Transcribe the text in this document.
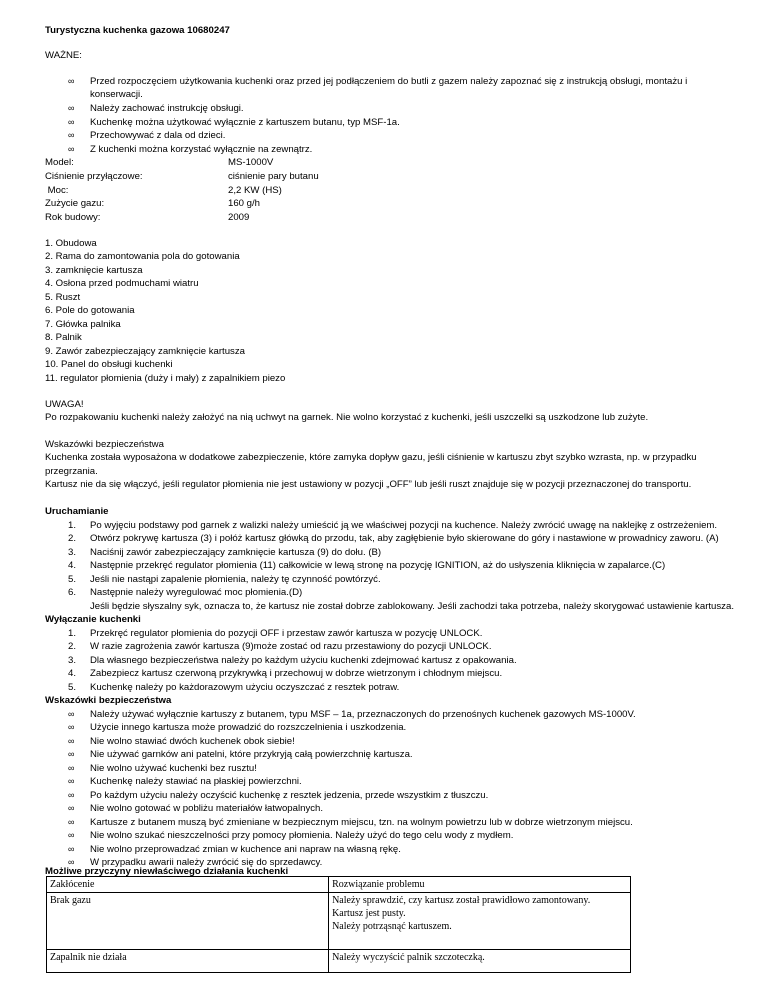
Turystyczna kuchenka gazowa 10680247
WAŻNE:
∞ Przed rozpoczęciem użytkowania kuchenki oraz przed jej podłączeniem do butli z gazem należy zapoznać się z instrukcją obsługi, montażu i
konserwacji.
∞ Należy zachować instrukcję obsługi.
∞ Kuchenkę można użytkować wyłącznie z kartuszem butanu, typ MSF-1a.
∞ Przechowywać z dala od dzieci.
∞ Z kuchenki można korzystać wyłącznie na zewnątrz.
Model:	MS-1000V
Ciśnienie przyłączowe:	ciśnienie pary butanu
Moc:	2,2 KW (HS)
Zużycie gazu:	160 g/h
Rok budowy:	2009
1. Obudowa
2. Rama do zamontowania pola do gotowania
3. zamknięcie kartusza
4. Osłona przed podmuchami wiatru
5. Ruszt
6. Pole do gotowania
7. Główka palnika
8. Palnik
9. Zawór zabezpieczający zamknięcie kartusza
10. Panel do obsługi kuchenki
11. regulator płomienia (duży i mały) z zapalnikiem piezo
UWAGA!
Po rozpakowaniu kuchenki należy założyć na nią uchwyt na garnek. Nie wolno korzystać z kuchenki, jeśli uszczelki są uszkodzone lub zużyte.
Wskazówki bezpieczeństwa
Kuchenka została wyposażona w dodatkowe zabezpieczenie, które zamyka dopływ gazu, jeśli ciśnienie w kartuszu zbyt szybko wzrasta, np. w przypadku
przegrzania.
Kartusz nie da się włączyć, jeśli regulator płomienia nie jest ustawiony w pozycji „OFF” lub jeśli ruszt znajduje się w pozycji przeznaczonej do transportu.
Uruchamianie
1. Po wyjęciu podstawy pod garnek z walizki należy umieścić ją we właściwej pozycji na kuchence. Należy zwrócić uwagę na naklejkę z ostrzeżeniem.
2. Otwórz pokrywę kartusza (3) i połóż kartusz główką do przodu, tak, aby zagłębienie było skierowane do góry i nastawione w prowadnicy zaworu. (A)
3. Naciśnij zawór zabezpieczający zamknięcie kartusza (9) do dołu. (B)
4. Następnie przekręć regulator płomienia (11) całkowicie w lewą stronę na pozycję IGNITION, aż do usłyszenia kliknięcia w zapalarce.(C)
5. Jeśli nie nastąpi zapalenie płomienia, należy tę czynność powtórzyć.
6. Następnie należy wyregulować moc płomienia.(D)
Jeśli będzie słyszalny syk, oznacza to, że kartusz nie został dobrze zablokowany. Jeśli zachodzi taka potrzeba, należy skorygować ustawienie kartusza.
Wyłączanie kuchenki
1. Przekręć regulator płomienia do pozycji OFF i przestaw zawór kartusza w pozycję UNLOCK.
2. W razie zagrożenia zawór kartusza (9)może zostać od razu przestawiony do pozycji UNLOCK.
3. Dla własnego bezpieczeństwa należy po każdym użyciu kuchenki zdejmować kartusz z opakowania.
4. Zabezpiecz kartusz czerwoną przykrywką i przechowuj w dobrze wietrzonym i chłodnym miejscu.
5. Kuchenkę należy po każdorazowym użyciu oczyszczać z resztek potraw.
Wskazówki bezpieczeństwa
∞ Należy używać wyłącznie kartuszy z butanem, typu MSF – 1a, przeznaczonych do przenośnych kuchenek gazowych MS-1000V.
∞ Użycie innego kartusza może prowadzić do rozszczelnienia i uszkodzenia.
∞ Nie wolno stawiać dwóch kuchenek obok siebie!
∞ Nie używać garnków ani patelni, które przykryją całą powierzchnię kartusza.
∞ Nie wolno używać kuchenki bez rusztu!
∞ Kuchenkę należy stawiać na płaskiej powierzchni.
∞ Po każdym użyciu należy oczyścić kuchenkę z resztek jedzenia, przede wszystkim z tłuszczu.
∞ Nie wolno gotować w pobliżu materiałów łatwopalnych.
∞ Kartusze z butanem muszą być zmieniane w bezpiecznym miejscu, tzn. na wolnym powietrzu lub w dobrze wietrzonym miejscu.
∞ Nie wolno szukać nieszczelności przy pomocy płomienia. Należy użyć do tego celu wody z mydłem.
∞ Nie wolno przeprowadzać zmian w kuchence ani napraw na własną rękę.
∞ W przypadku awarii należy zwrócić się do sprzedawcy.
Możliwe przyczyny niewłaściwego działania kuchenki
Zakłócenie	Rozwiązanie problemu
Brak gazu	Należy sprawdzić, czy kartusz został prawidłowo zamontowany.
Kartusz jest pusty.
Należy potrząsnąć kartuszem.

Zapalnik nie działa	Należy wyczyścić palnik szczoteczką.
